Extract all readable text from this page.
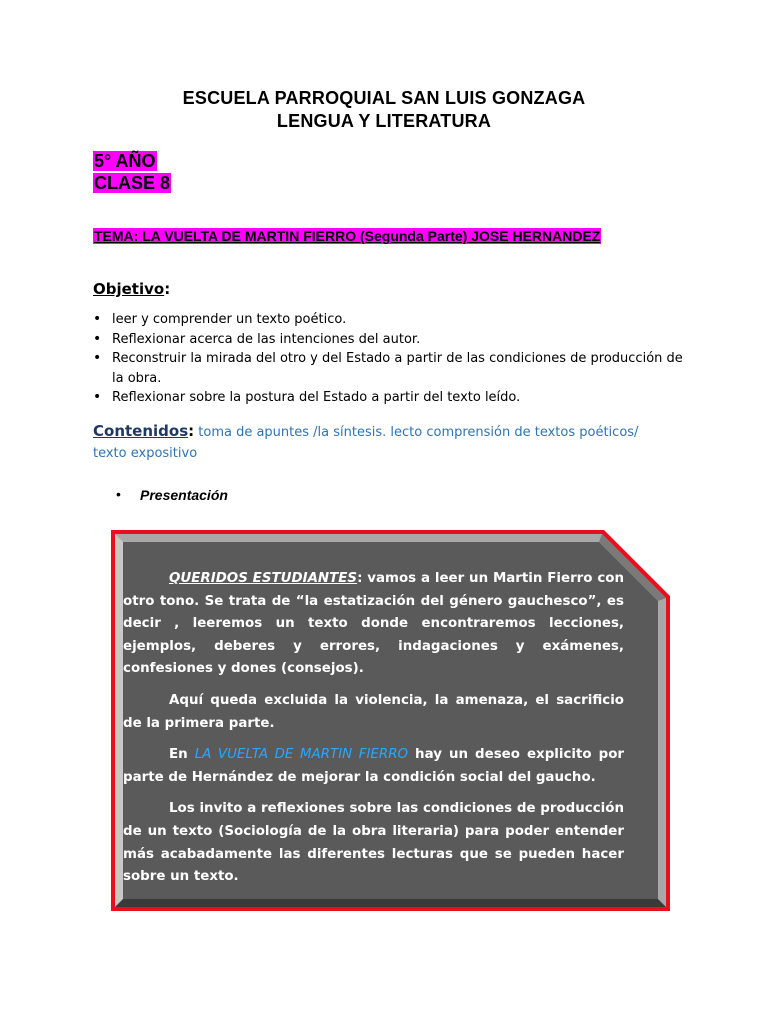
ESCUELA PARROQUIAL SAN LUIS GONZAGA
LENGUA Y LITERATURA
5° AÑO
CLASE 8
TEMA: LA VUELTA DE MARTIN FIERRO (Segunda Parte) JOSE HERNANDEZ
Objetivo:
• leer y comprender un texto poético.
• Reflexionar acerca de las intenciones del autor.
• Reconstruir la mirada del otro y del Estado a partir de las condiciones de producción de la obra.
• Reflexionar sobre la postura del Estado a partir del texto leído.
Contenidos: toma de apuntes /la síntesis. lecto comprensión de textos poéticos/ texto expositivo
• Presentación

QUERIDOS ESTUDIANTES: vamos a leer un Martin Fierro con otro tono. Se trata de “la estatización del género gauchesco”, es decir , leeremos un texto donde encontraremos lecciones, ejemplos, deberes y errores, indagaciones y exámenes, confesiones y dones (consejos).

Aquí queda excluida la violencia, la amenaza, el sacrificio de la primera parte.

En LA VUELTA DE MARTIN FIERRO hay un deseo explicito por parte de Hernández de mejorar la condición social del gaucho.

Los invito a reflexiones sobre las condiciones de producción de un texto (Sociología de la obra literaria) para poder entender más acabadamente las diferentes lecturas que se pueden hacer sobre un texto.
